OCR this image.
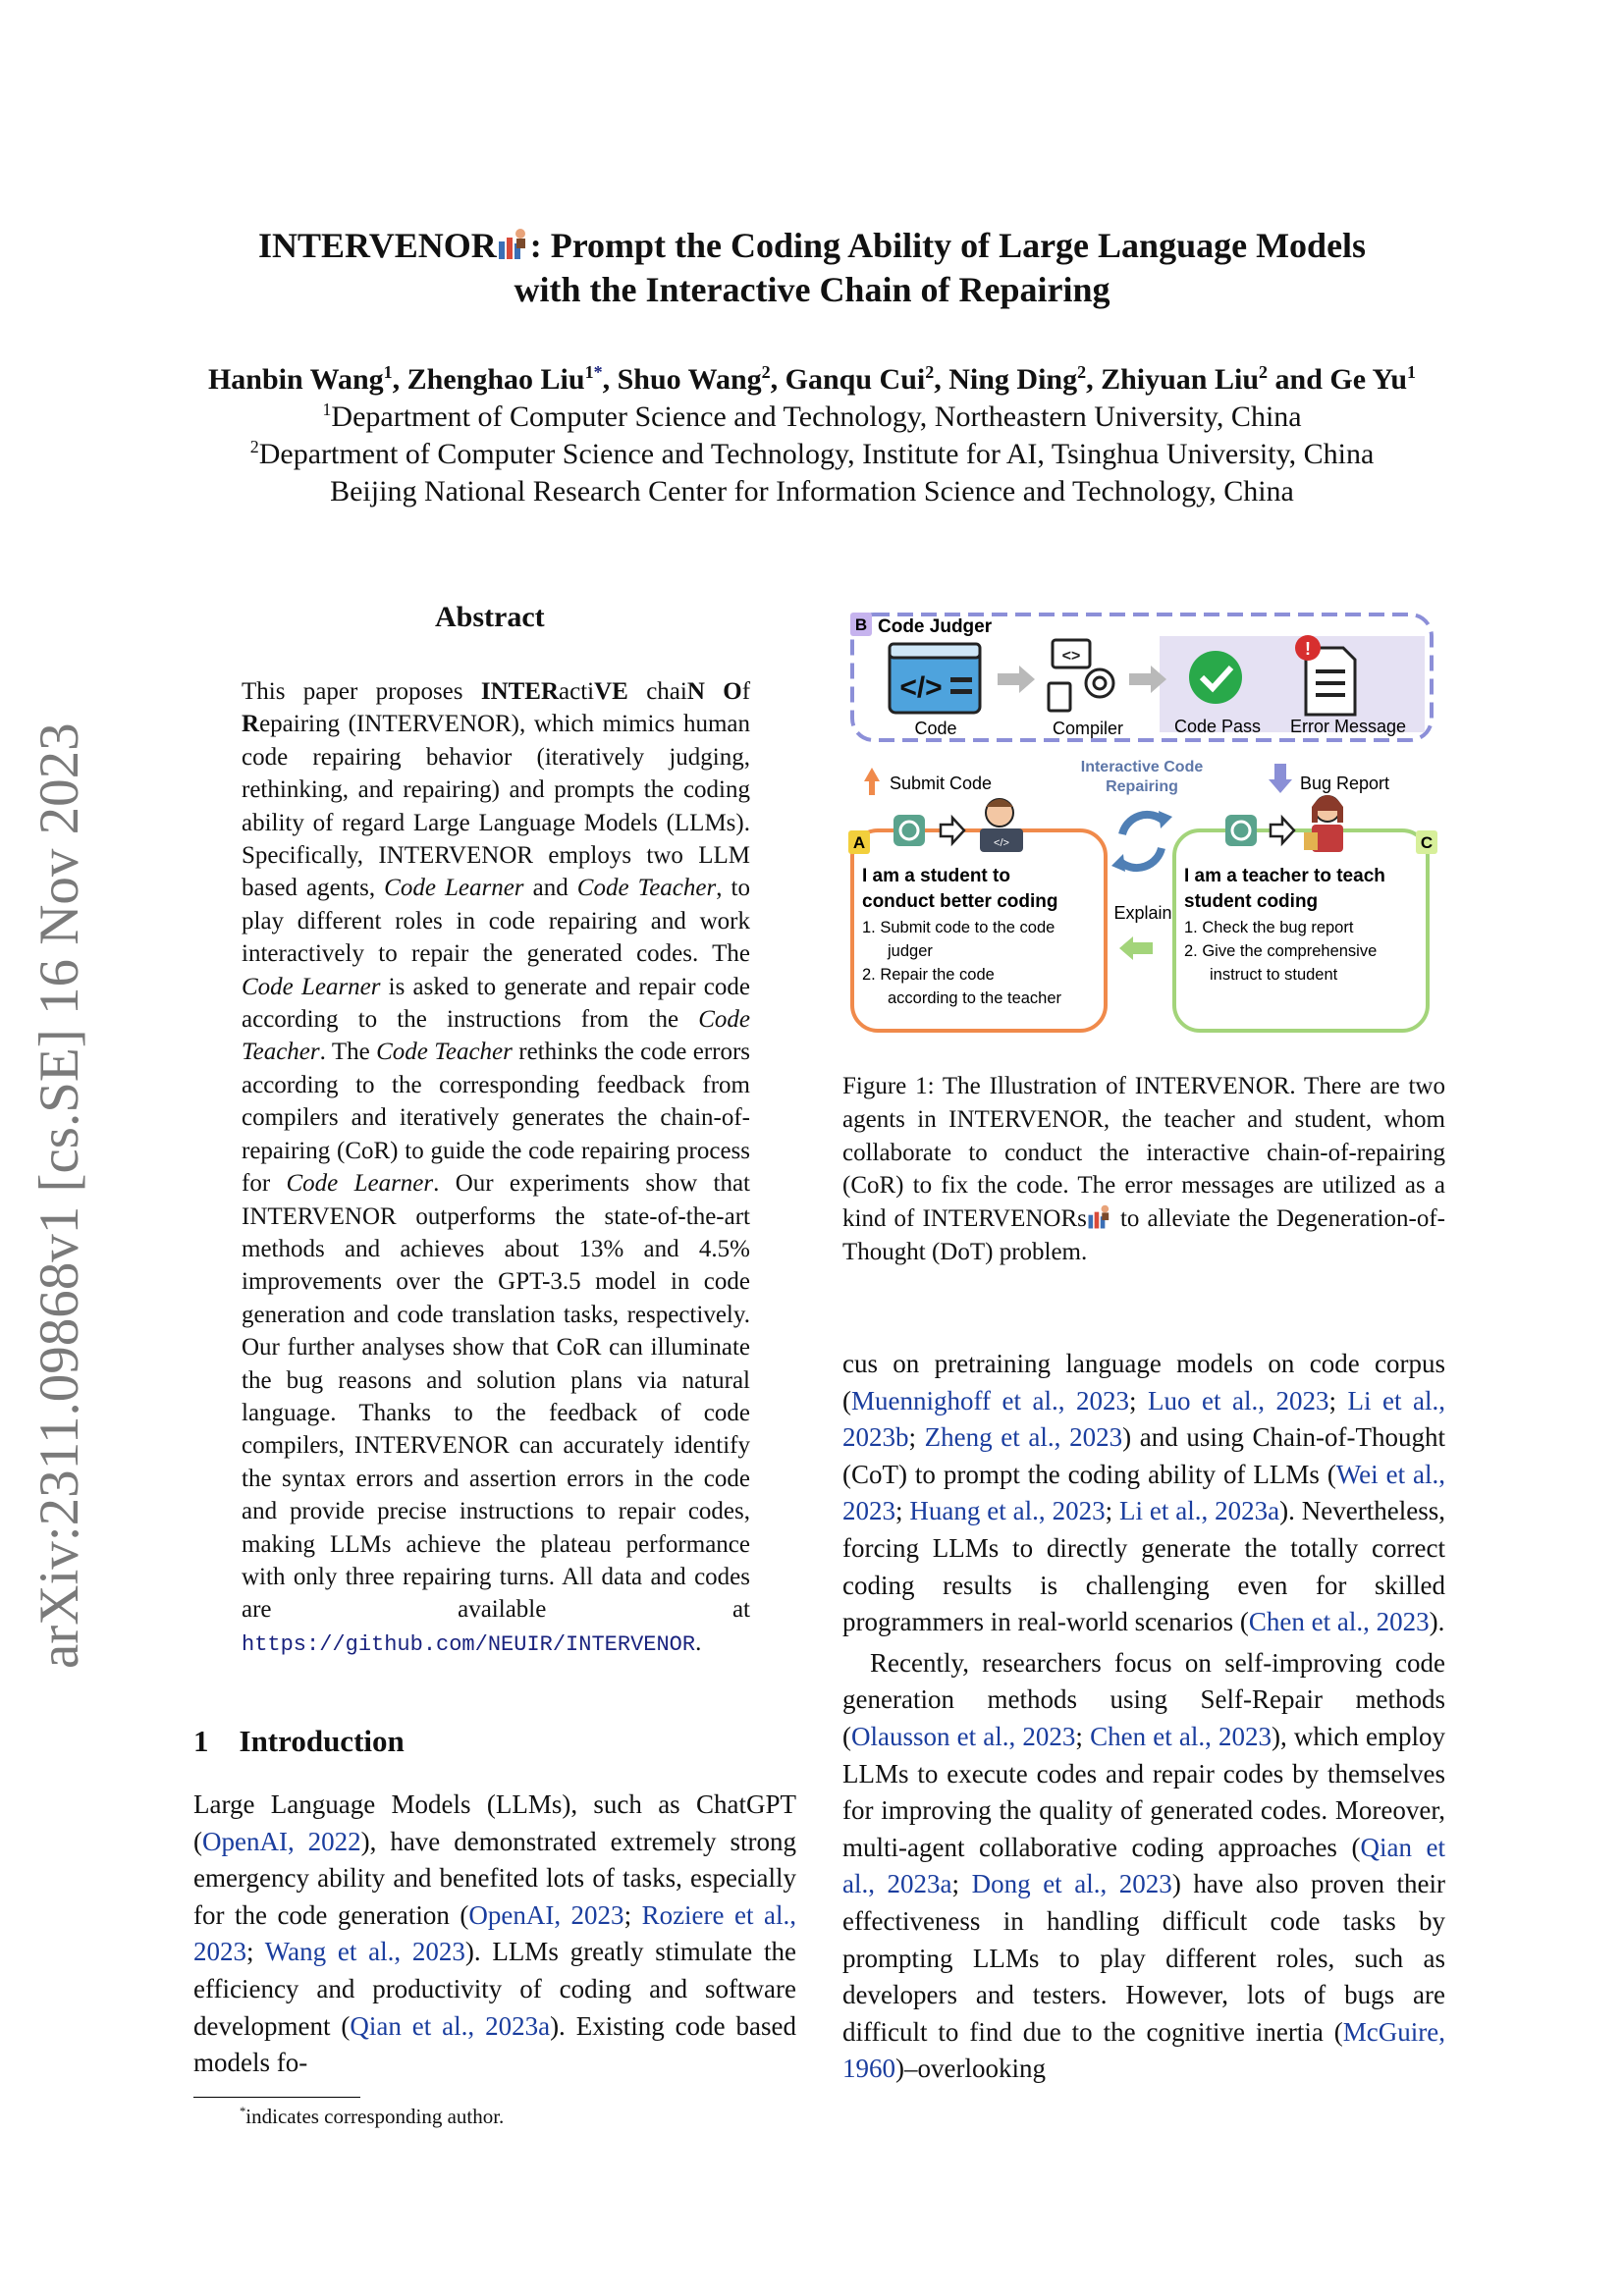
arXiv:2311.09868v1 [cs.SE] 16 Nov 2023
INTERVENOR : Prompt the Coding Ability of Large Language Models
with the Interactive Chain of Repairing
Hanbin Wang$^1$, Zhenghao Liu$^{1*}$, Shuo Wang$^2$, Ganqu Cui$^2$, Ning Ding$^2$, Zhiyuan Liu$^2$ and Ge Yu$^1$
$^1$Department of Computer Science and Technology, Northeastern University, China
$^2$Department of Computer Science and Technology, Institute for AI, Tsinghua University, China
Beijing National Research Center for Information Science and Technology, China
Abstract
This paper proposes INTERactiVE chaiN Of Repairing (INTERVENOR), which mimics human code repairing behavior (iteratively judging, rethinking, and repairing) and prompts the coding ability of regard Large Language Models (LLMs). Specifically, INTERVENOR employs two LLM based agents, Code Learner and Code Teacher, to play different roles in code repairing and work interactively to repair the generated codes. The Code Learner is asked to generate and repair code according to the instructions from the Code Teacher. The Code Teacher rethinks the code errors according to the corresponding feedback from compilers and iteratively generates the chain-of-repairing (CoR) to guide the code repairing process for Code Learner. Our experiments show that INTERVENOR outperforms the state-of-the-art methods and achieves about 13% and 4.5% improvements over the GPT-3.5 model in code generation and code translation tasks, respectively. Our further analyses show that CoR can illuminate the bug reasons and solution plans via natural language. Thanks to the feedback of code compilers, INTERVENOR can accurately identify the syntax errors and assertion errors in the code and provide precise instructions to repair codes, making LLMs achieve the plateau performance with only three repairing turns. All data and codes are available at https://github.com/NEUIR/INTERVENOR.
1 Introduction
Large Language Models (LLMs), such as ChatGPT (OpenAI, 2022), have demonstrated extremely strong emergency ability and benefited lots of tasks, especially for the code generation (OpenAI, 2023; Roziere et al., 2023; Wang et al., 2023). LLMs greatly stimulate the efficiency and productivity of coding and software development (Qian et al., 2023a). Existing code based models fo-
*indicates corresponding author.
B Code Judger
</>
Code
<>
Compiler	Code Pass
!
Error Message
Submit Code
Interactive Code
Repairing	Bug Report
A	</>
I am a student to
conduct better coding
1. Submit code to the code
judger
2. Repair the code
according to the teacher
Explain
C
I am a teacher to teach
student coding
1. Check the bug report
2. Give the comprehensive
instruct to student
Figure 1: The Illustration of INTERVENOR. There are two agents in INTERVENOR, the teacher and student, whom collaborate to conduct the interactive chain-of-repairing (CoR) to fix the code. The error messages are utilized as a kind of INTERVENORs to alleviate the Degeneration-of-Thought (DoT) problem.
cus on pretraining language models on code corpus (Muennighoff et al., 2023; Luo et al., 2023; Li et al., 2023b; Zheng et al., 2023) and using Chain-of-Thought (CoT) to prompt the coding ability of LLMs (Wei et al., 2023; Huang et al., 2023; Li et al., 2023a). Nevertheless, forcing LLMs to directly generate the totally correct coding results is challenging even for skilled programmers in real-world scenarios (Chen et al., 2023).
Recently, researchers focus on self-improving code generation methods using Self-Repair methods (Olausson et al., 2023; Chen et al., 2023), which employ LLMs to execute codes and repair codes by themselves for improving the quality of generated codes. Moreover, multi-agent collaborative coding approaches (Qian et al., 2023a; Dong et al., 2023) have also proven their effectiveness in handling difficult code tasks by prompting LLMs to play different roles, such as developers and testers. However, lots of bugs are difficult to find due to the cognitive inertia (McGuire, 1960)–overlooking
